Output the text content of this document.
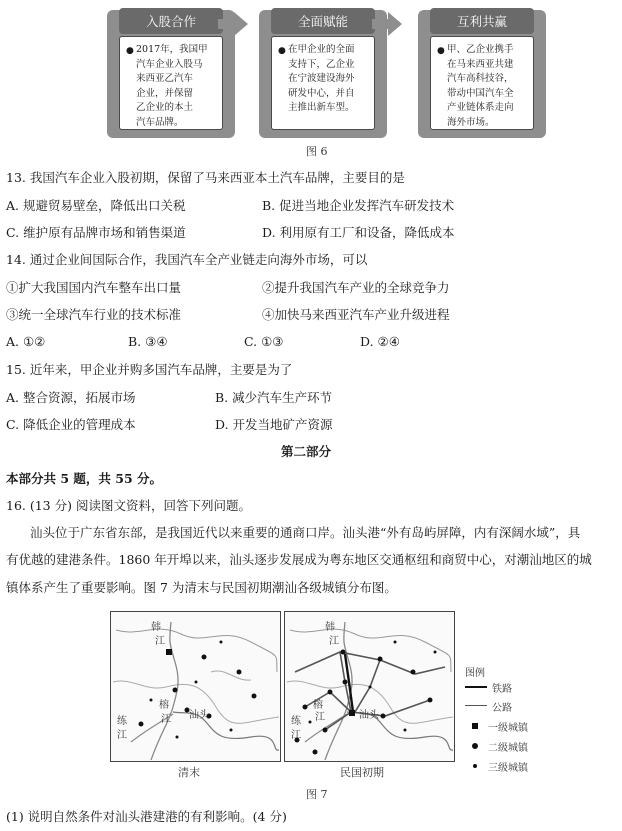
入股合作
● 2017年，我国甲
汽车企业入股马
来西亚乙汽车
企业，并保留
乙企业的本土
汽车品牌。
全面赋能
● 在甲企业的全面
支持下，乙企业
在宁波建设海外
研发中心，并自
主推出新车型。
互利共赢
● 甲、乙企业携手
在马来西亚共建
汽车高科技谷，
带动中国汽车全
产业链体系走向
海外市场。
图 6
13. 我国汽车企业入股初期，保留了马来西亚本土汽车品牌，主要目的是
A. 规避贸易壁垒，降低出口关税	B. 促进当地企业发挥汽车研发技术
C. 维护原有品牌市场和销售渠道	D. 利用原有工厂和设备，降低成本
14. 通过企业间国际合作，我国汽车全产业链走向海外市场，可以
①扩大我国国内汽车整车出口量	②提升我国汽车产业的全球竞争力
③统一全球汽车行业的技术标准	④加快马来西亚汽车产业升级进程
A. ①②	B. ③④	C. ①③	D. ②④
15. 近年来，甲企业并购多国汽车品牌，主要是为了
A. 整合资源，拓展市场	B. 减少汽车生产环节
C. 降低企业的管理成本	D. 开发当地矿产资源
第二部分
本部分共 5 题，共 55 分。
16. (13 分) 阅读图文资料，回答下列问题。
汕头位于广东省东部，是我国近代以来重要的通商口岸。汕头港“外有岛屿屏障，内有深阔水域”，具
有优越的建港条件。1860 年开埠以来，汕头逐步发展成为粤东地区交通枢纽和商贸中心，对潮汕地区的城
镇体系产生了重要影响。图 7 为清末与民国初期潮汕各级城镇分布图。
韩
江
练
江
榕
江 汕头
清末
韩
江
练
江
榕
江	汕头
民国初期
图例
铁路
公路
一级城镇
二级城镇
三级城镇
图 7
(1) 说明自然条件对汕头港建港的有利影响。(4 分)
